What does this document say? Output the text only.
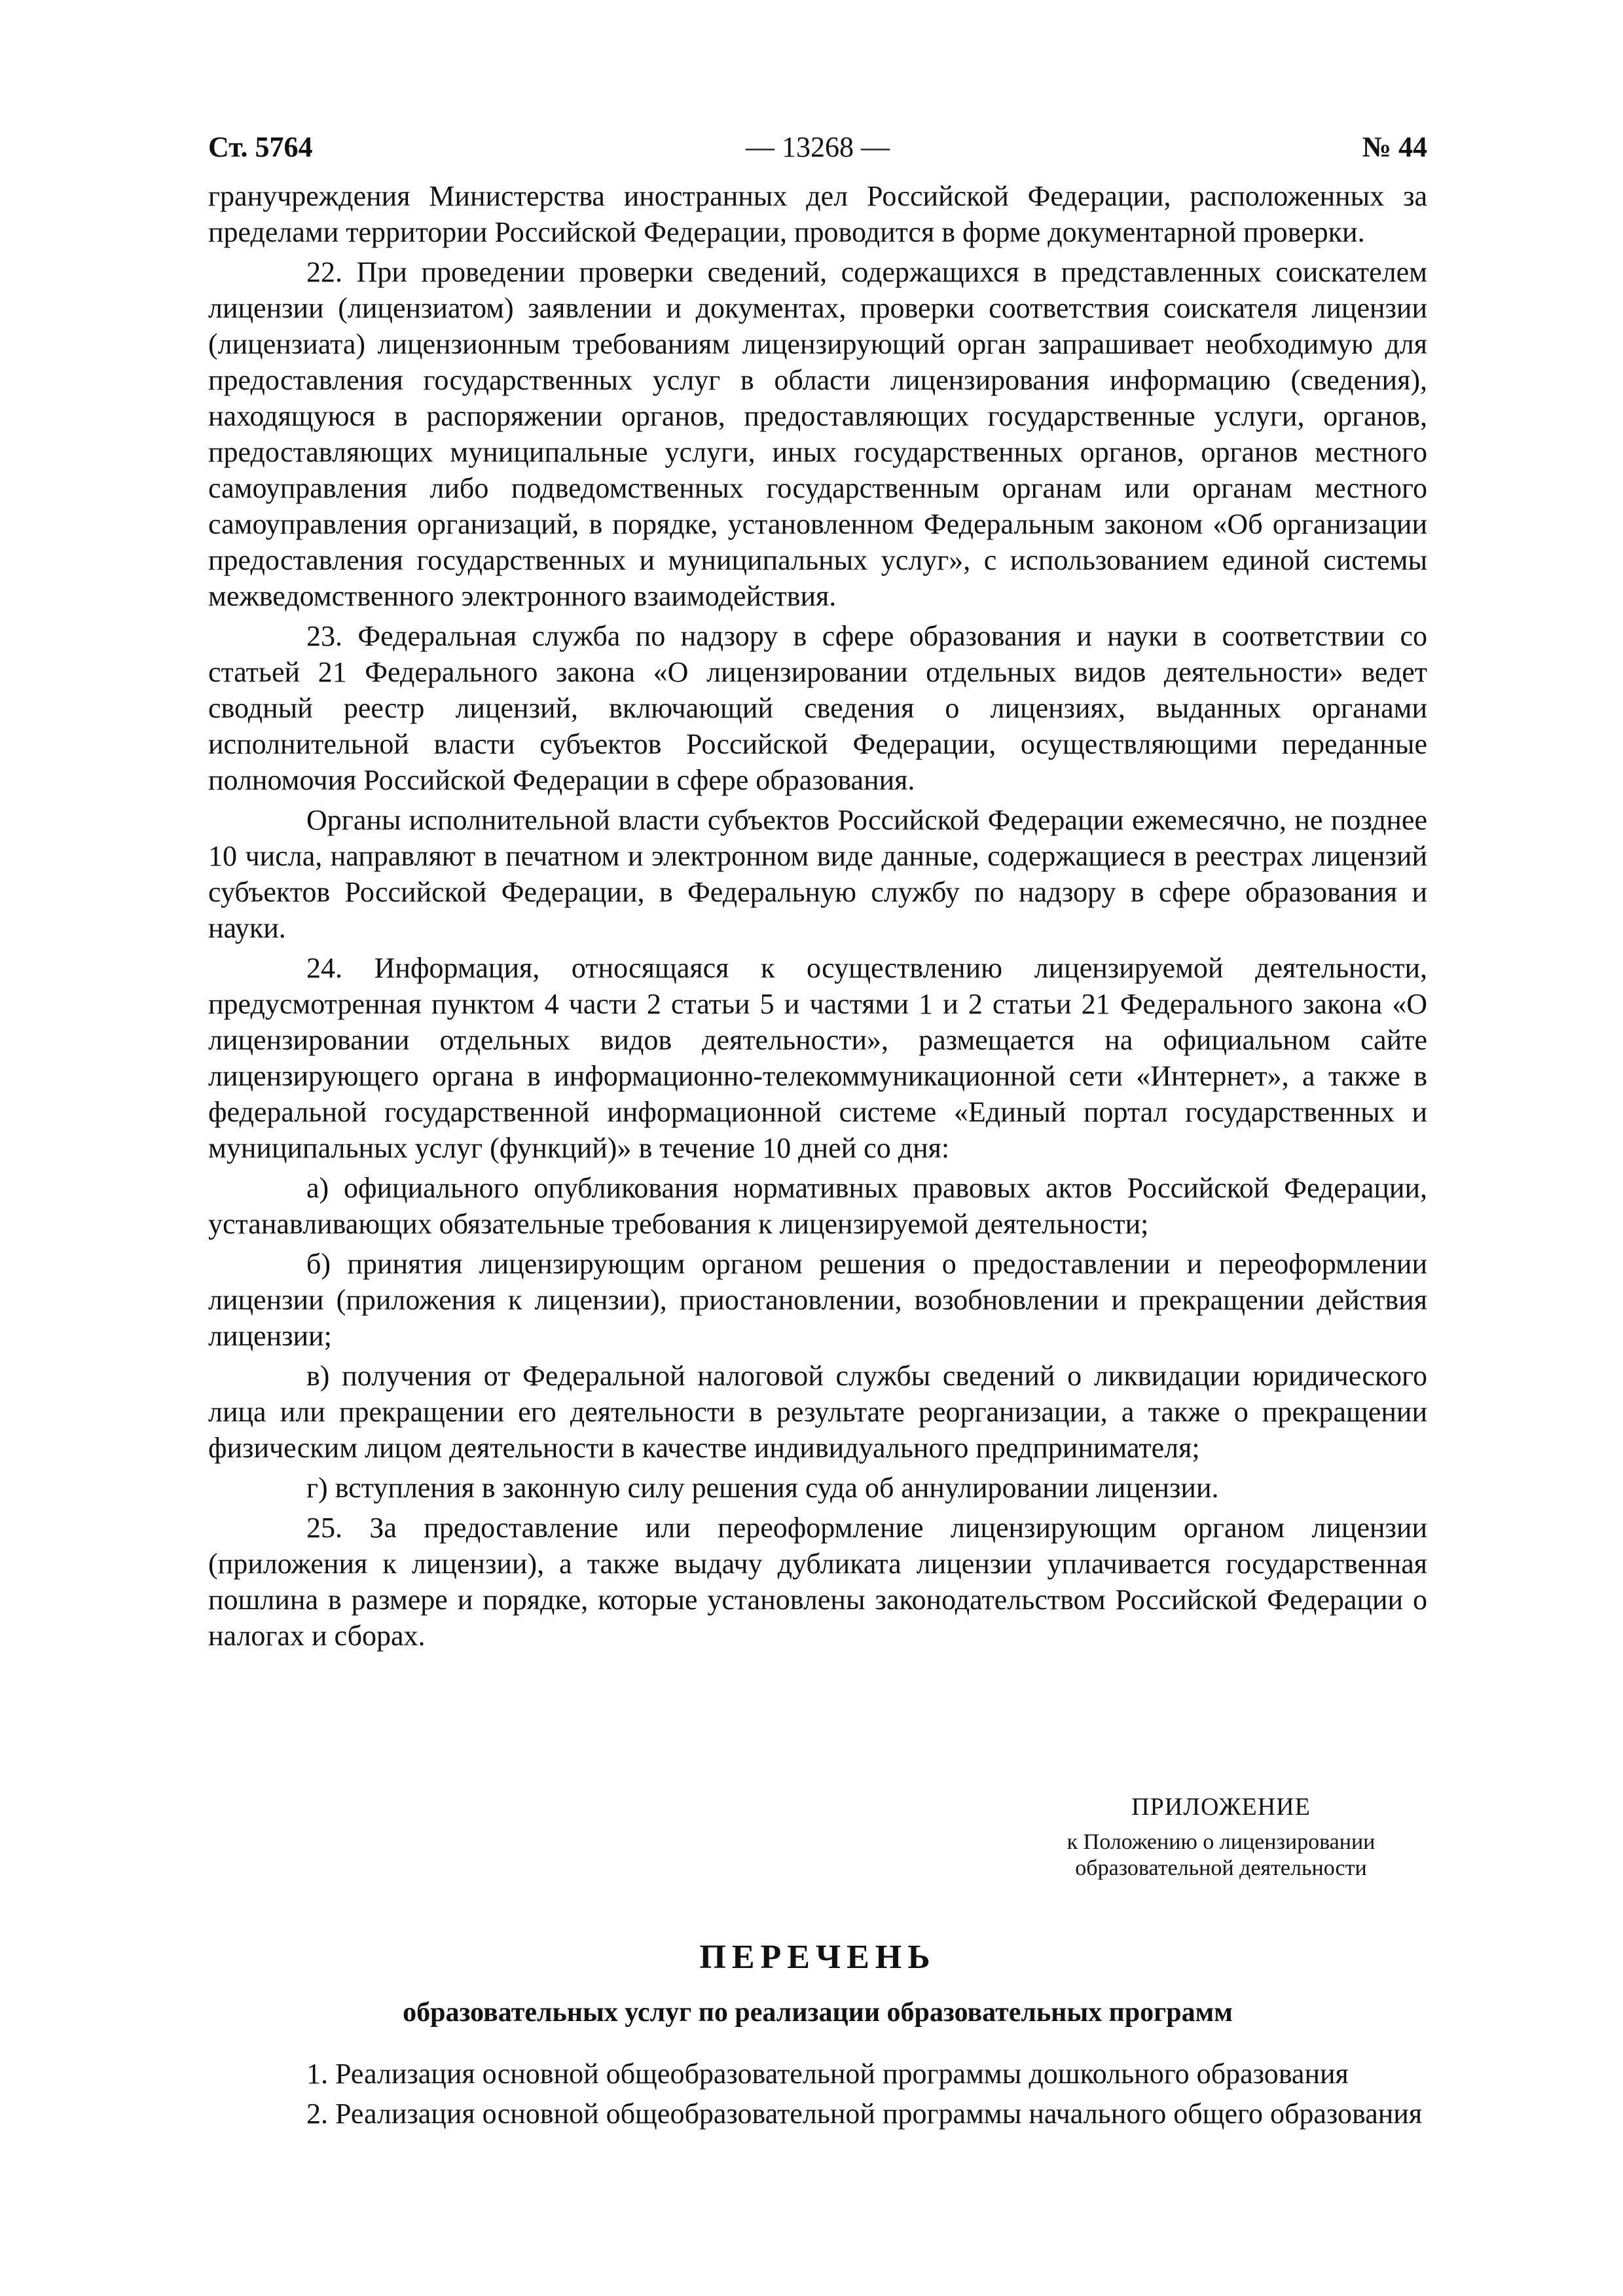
Ст. 5764	— 13268 —	№ 44

гранучреждения Министерства иностранных дел Российской Федерации, расположенных за пределами территории Российской Федерации, проводится в форме документарной проверки.

22. При проведении проверки сведений, содержащихся в представленных соискателем лицензии (лицензиатом) заявлении и документах, проверки соответствия соискателя лицензии (лицензиата) лицензионным требованиям лицензирующий орган запрашивает необходимую для предоставления государственных услуг в области лицензирования информацию (сведения), находящуюся в распоряжении органов, предоставляющих государственные услуги, органов, предоставляющих муниципальные услуги, иных государственных органов, органов местного самоуправления либо подведомственных государственным органам или органам местного самоуправления организаций, в порядке, установленном Федеральным законом «Об организации предоставления государственных и муниципальных услуг», с использованием единой системы межведомственного электронного взаимодействия.

23. Федеральная служба по надзору в сфере образования и науки в соответствии со статьей 21 Федерального закона «О лицензировании отдельных видов деятельности» ведет сводный реестр лицензий, включающий сведения о лицензиях, выданных органами исполнительной власти субъектов Российской Федерации, осуществляющими переданные полномочия Российской Федерации в сфере образования.

Органы исполнительной власти субъектов Российской Федерации ежемесячно, не позднее 10 числа, направляют в печатном и электронном виде данные, содержащиеся в реестрах лицензий субъектов Российской Федерации, в Федеральную службу по надзору в сфере образования и науки.

24. Информация, относящаяся к осуществлению лицензируемой деятельности, предусмотренная пунктом 4 части 2 статьи 5 и частями 1 и 2 статьи 21 Федерального закона «О лицензировании отдельных видов деятельности», размещается на официальном сайте лицензирующего органа в информационно-телекоммуникационной сети «Интернет», а также в федеральной государственной информационной системе «Единый портал государственных и муниципальных услуг (функций)» в течение 10 дней со дня:

а) официального опубликования нормативных правовых актов Российской Федерации, устанавливающих обязательные требования к лицензируемой деятельности;

б) принятия лицензирующим органом решения о предоставлении и переоформлении лицензии (приложения к лицензии), приостановлении, возобновлении и прекращении действия лицензии;

в) получения от Федеральной налоговой службы сведений о ликвидации юридического лица или прекращении его деятельности в результате реорганизации, а также о прекращении физическим лицом деятельности в качестве индивидуального предпринимателя;

г) вступления в законную силу решения суда об аннулировании лицензии.

25. За предоставление или переоформление лицензирующим органом лицензии (приложения к лицензии), а также выдачу дубликата лицензии уплачивается государственная пошлина в размере и порядке, которые установлены законодательством Российской Федерации о налогах и сборах.

ПРИЛОЖЕНИЕ
к Положению о лицензировании
образовательной деятельности
ПЕРЕЧЕНЬ
образовательных услуг по реализации образовательных программ

1. Реализация основной общеобразовательной программы дошкольного образования

2. Реализация основной общеобразовательной программы начального общего образования
